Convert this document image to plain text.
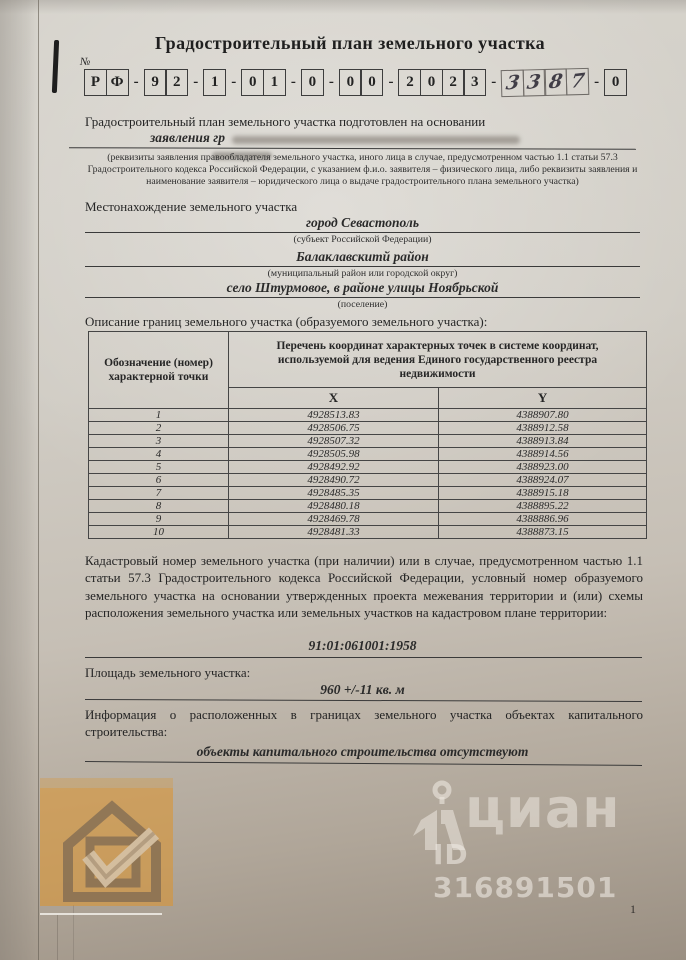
Градостроительный план земельного участка
№
Р Ф - 9 2 - 1 - 0 1 - 0 - 0 0 - 2 0 2 3 - 3 3 8 7 - 0

Градостроительный план земельного участка подготовлен на основании

заявления гр

(реквизиты заявления правообладателя земельного участка, иного лица в случае, предусмотренном частью 1.1 статьи 57.3 Градостроительного кодекса Российской Федерации, с указанием ф.и.о. заявителя – физического лица, либо реквизиты заявления и наименование заявителя – юридического лица о выдаче градостроительного плана земельного участка)

Местонахождение земельного участка
город Севастополь
(субъект Российской Федерации)
Балаклавскитй район
(муниципальный район или городской округ)
село Штурмовое, в районе улицы Ноябрьской
(поселение)
Описание границ земельного участка (образуемого земельного участка):
Обозначение (номер) характерной точки	Перечень координат характерных точек в системе координат, используемой для ведения Единого государственного реестра недвижимости	
	X	Y
1	4928513.83	4388907.80
2	4928506.75	4388912.58
3	4928507.32	4388913.84
4	4928505.98	4388914.56
5	4928492.92	4388923.00
6	4928490.72	4388924.07
7	4928485.35	4388915.18
8	4928480.18	4388895.22
9	4928469.78	4388886.96
10	4928481.33	4388873.15

Кадастровый номер земельного участка (при наличии) или в случае, предусмотренном частью 1.1 статьи 57.3 Градостроительного кодекса Российской Федерации, условный номер образуемого земельного участка на основании утвержденных проекта межевания территории и (или) схемы расположения земельного участка или земельных участков на кадастровом плане территории:

91:01:061001:1958
Площадь земельного участка:
960 +/-11 кв. м

Информация о расположенных в границах земельного участка объектах капитального строительства:

объекты капитального строительства отсутствуют
циан
ID 316891501
1
